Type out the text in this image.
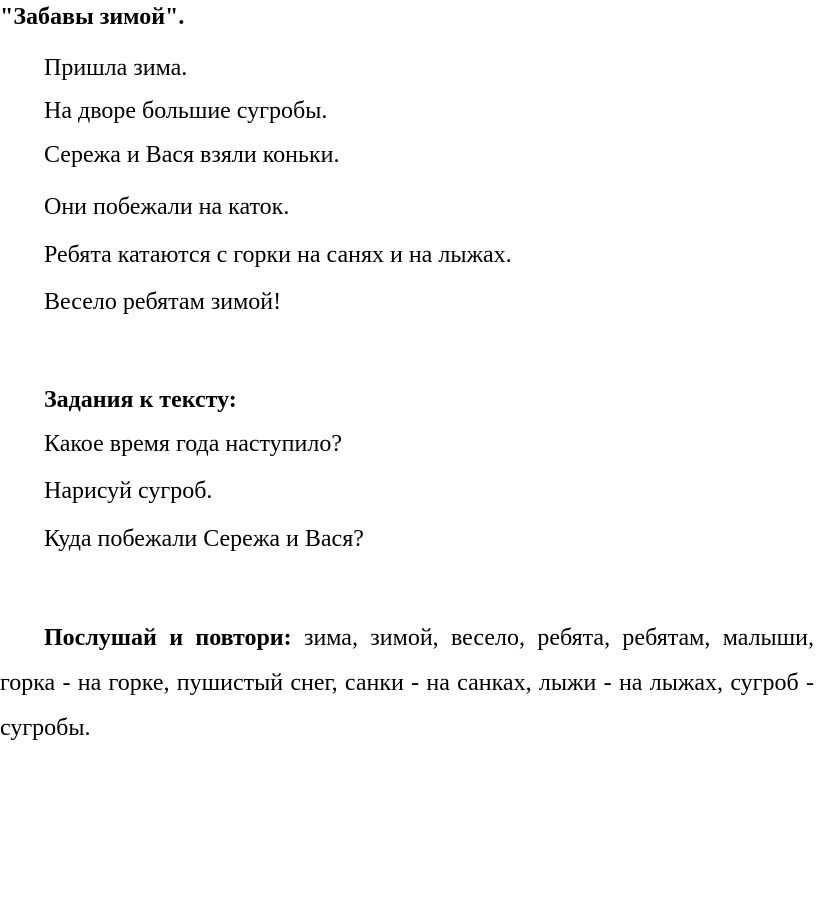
"Забавы зимой".
Пришла зима.
На дворе большие сугробы.
Сережа и Вася взяли коньки.
Они побежали на каток.
Ребята катаются с горки на санях и на лыжах.
Весело ребятам зимой!
Задания к тексту:
Какое время года наступило?
Нарисуй сугроб.
Куда побежали Сережа и Вася?
Послушай и повтори: зима, зимой, весело, ребята, ребятам, малыши, горка - на горке, пушистый снег, санки - на санках, лыжи - на лыжах, сугроб - сугробы.
